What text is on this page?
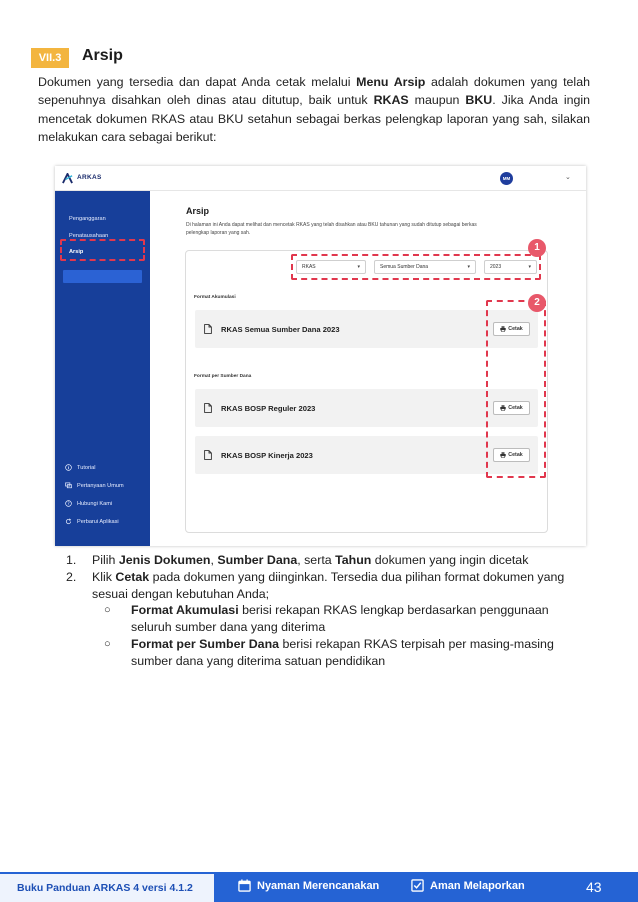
VII.3	Arsip

Dokumen yang tersedia dan dapat Anda cetak melalui Menu Arsip adalah dokumen yang telah sepenuhnya disahkan oleh dinas atau ditutup, baik untuk RKAS maupun BKU. Jika Anda ingin mencetak dokumen RKAS atau BKU setahun sebagai berkas pelengkap laporan yang sah, silakan melakukan cara sebagai berikut:

ARKAS	MM	⌄
Penganggaran
Penatausahaan
Arsip
Tutorial
Pertanyaan Umum
? Hubungi Kami
Perbarui Aplikasi
Arsip
Di halaman ini Anda dapat melihat dan mencetak RKAS yang telah disahkan atau BKU tahunan yang sudah ditutup sebagai berkas pelengkap laporan yang sah.
RKAS	▾	Semua Sumber Dana	▾	2023	▾
Format Akumulasi
RKAS Semua Sumber Dana 2023	Cetak
Format per Sumber Dana
RKAS BOSP Reguler 2023	Cetak
RKAS BOSP Kinerja 2023	Cetak
1
2
1. Pilih Jenis Dokumen, Sumber Dana, serta Tahun dokumen yang ingin dicetak
2. Klik Cetak pada dokumen yang diinginkan. Tersedia dua pilihan format dokumen yang sesuai dengan kebutuhan Anda;
○ Format Akumulasi berisi rekapan RKAS lengkap berdasarkan penggunaan seluruh sumber dana yang diterima
○ Format per Sumber Dana berisi rekapan RKAS terpisah per masing-masing sumber dana yang diterima satuan pendidikan
Buku Panduan ARKAS 4 versi 4.1.2	Nyaman Merencanakan	Aman Melaporkan	43
